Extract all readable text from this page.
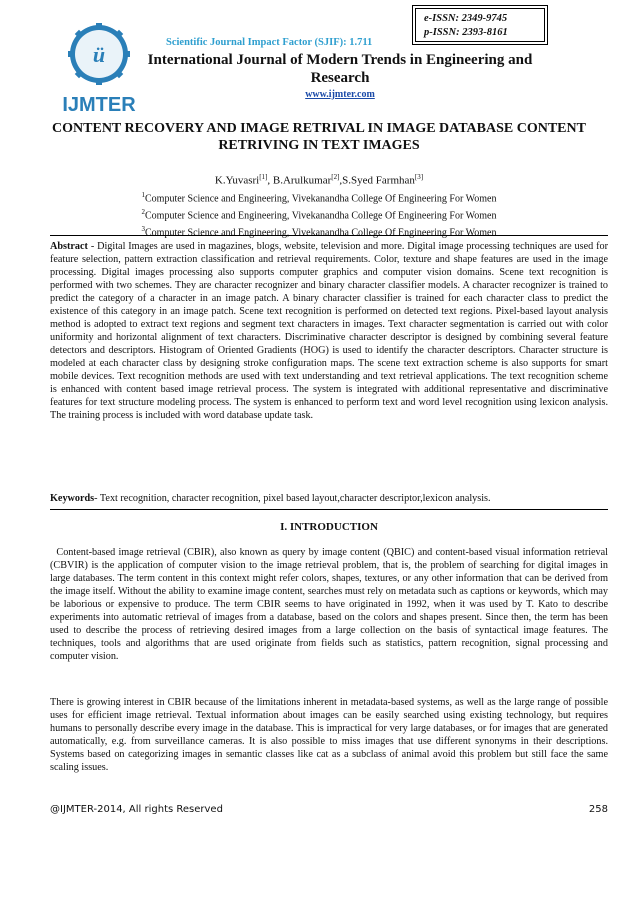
ü
IJMTER
Scientific Journal Impact Factor (SJIF): 1.711
e-ISSN: 2349-9745
p-ISSN: 2393-8161
International Journal of Modern Trends in Engineering and Research
www.ijmter.com
CONTENT RECOVERY AND IMAGE RETRIVAL IN IMAGE DATABASE CONTENT RETRIVING IN TEXT IMAGES
K.Yuvasri[1], B.Arulkumar[2],S.Syed Farmhan[3]
$^1$Computer Science and Engineering, Vivekanandha College Of Engineering For Women
$^2$Computer Science and Engineering, Vivekanandha College Of Engineering For Women
$^3$Computer Science and Engineering, Vivekanandha College Of Engineering For Women

Abstract - Digital Images are used in magazines, blogs, website, television and more. Digital image processing techniques are used for feature selection, pattern extraction classification and retrieval requirements. Color, texture and shape features are used in the image processing. Digital images processing also supports computer graphics and computer vision domains. Scene text recognition is performed with two schemes. They are character recognizer and binary character classifier models. A character recognizer is trained to predict the category of a character in an image patch. A binary character classifier is trained for each character class to predict the existence of this category in an image patch. Scene text recognition is performed on detected text regions. Pixel-based layout analysis method is adopted to extract text regions and segment text characters in images. Text character segmentation is carried out with color uniformity and horizontal alignment of text characters. Discriminative character descriptor is designed by combining several feature detectors and descriptors. Histogram of Oriented Gradients (HOG) is used to identify the character descriptors. Character structure is modeled at each character class by designing stroke configuration maps. The scene text extraction scheme is also supports for smart mobile devices. Text recognition methods are used with text understanding and text retrieval applications. The text recognition scheme is enhanced with content based image retrieval process. The system is integrated with additional representative and discriminative features for text structure modeling process. The system is enhanced to perform text and word level recognition using lexicon analysis. The training process is included with word database update task.

Keywords- Text recognition, character recognition, pixel based layout,character descriptor,lexicon analysis.

I. INTRODUCTION

Content-based image retrieval (CBIR), also known as query by image content (QBIC) and content-based visual information retrieval (CBVIR) is the application of computer vision to the image retrieval problem, that is, the problem of searching for digital images in large databases. The term content in this context might refer colors, shapes, textures, or any other information that can be derived from the image itself. Without the ability to examine image content, searches must rely on metadata such as captions or keywords, which may be laborious or expensive to produce. The term CBIR seems to have originated in 1992, when it was used by T. Kato to describe experiments into automatic retrieval of images from a database, based on the colors and shapes present. Since then, the term has been used to describe the process of retrieving desired images from a large collection on the basis of syntactical image features. The techniques, tools and algorithms that are used originate from fields such as statistics, pattern recognition, signal processing and computer vision.

There is growing interest in CBIR because of the limitations inherent in metadata-based systems, as well as the large range of possible uses for efficient image retrieval. Textual information about images can be easily searched using existing technology, but requires humans to personally describe every image in the database. This is impractical for very large databases, or for images that are generated automatically, e.g. from surveillance cameras. It is also possible to miss images that use different synonyms in their descriptions. Systems based on categorizing images in semantic classes like cat as a subclass of animal avoid this problem but still face the same scaling issues.

@IJMTER-2014, All rights Reserved	258
